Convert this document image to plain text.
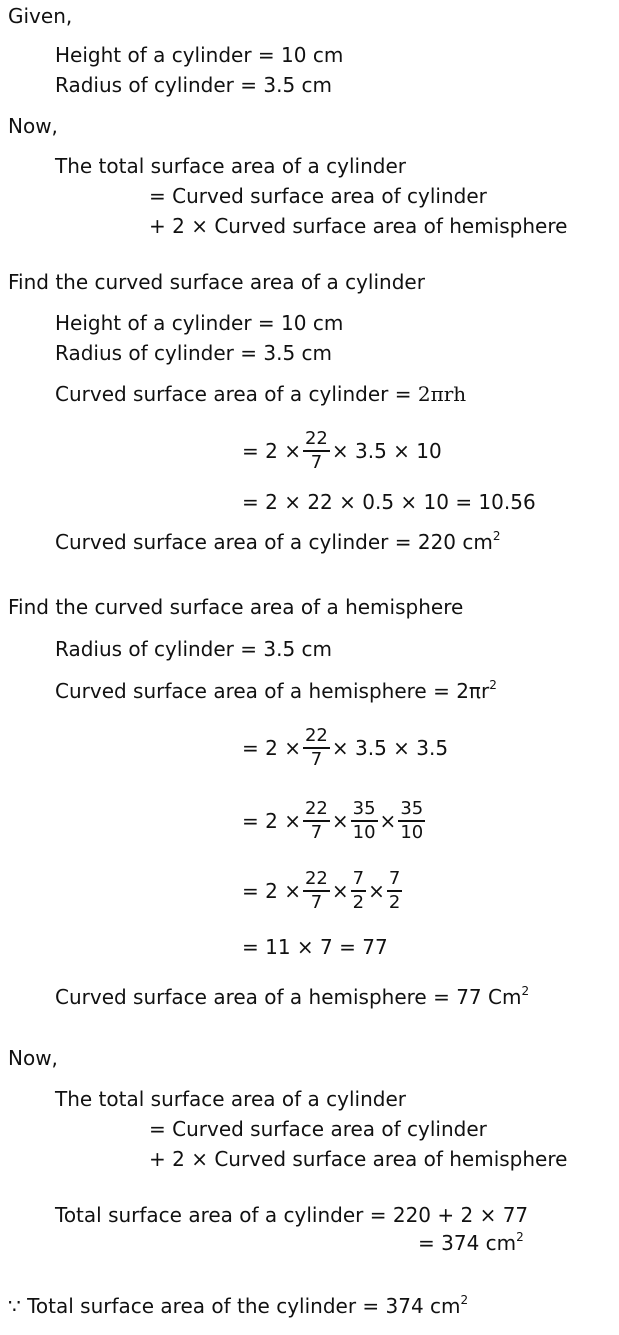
Given,
Height of a cylinder = 10 cm
Radius of cylinder = 3.5 cm
Now,
The total surface area of a cylinder
= Curved surface area of cylinder
+ 2 × Curved surface area of hemisphere
Find the curved surface area of a cylinder
Height of a cylinder = 10 cm
Radius of cylinder = 3.5 cm
Curved surface area of a cylinder = 2πrh
= $2 \times \frac{22}{7} \times 3.5 \times 10$
= 2 × 22 × 0.5 × 10 = 10.56
Curved surface area of a cylinder = 220 $cm^2$
Find the curved surface area of a hemisphere
Radius of cylinder = 3.5 cm
Curved surface area of a hemisphere = $2\pi r^2$
= $2 \times \frac{22}{7} \times 3.5 \times 3.5$
= $2 \times \frac{22}{7} \times \frac{35}{10} \times \frac{35}{10}$
= $2 \times \frac{22}{7} \times \frac{7}{2} \times \frac{7}{2}$
= 11 × 7 = 77
Curved surface area of a hemisphere = 77 Cm$^2$
Now,
The total surface area of a cylinder
= Curved surface area of cylinder
+ 2 × Curved surface area of hemisphere
Total surface area of a cylinder = 220 + 2 × 77
= 374 $cm^2$
∵ Total surface area of the cylinder = 374 $cm^2$
